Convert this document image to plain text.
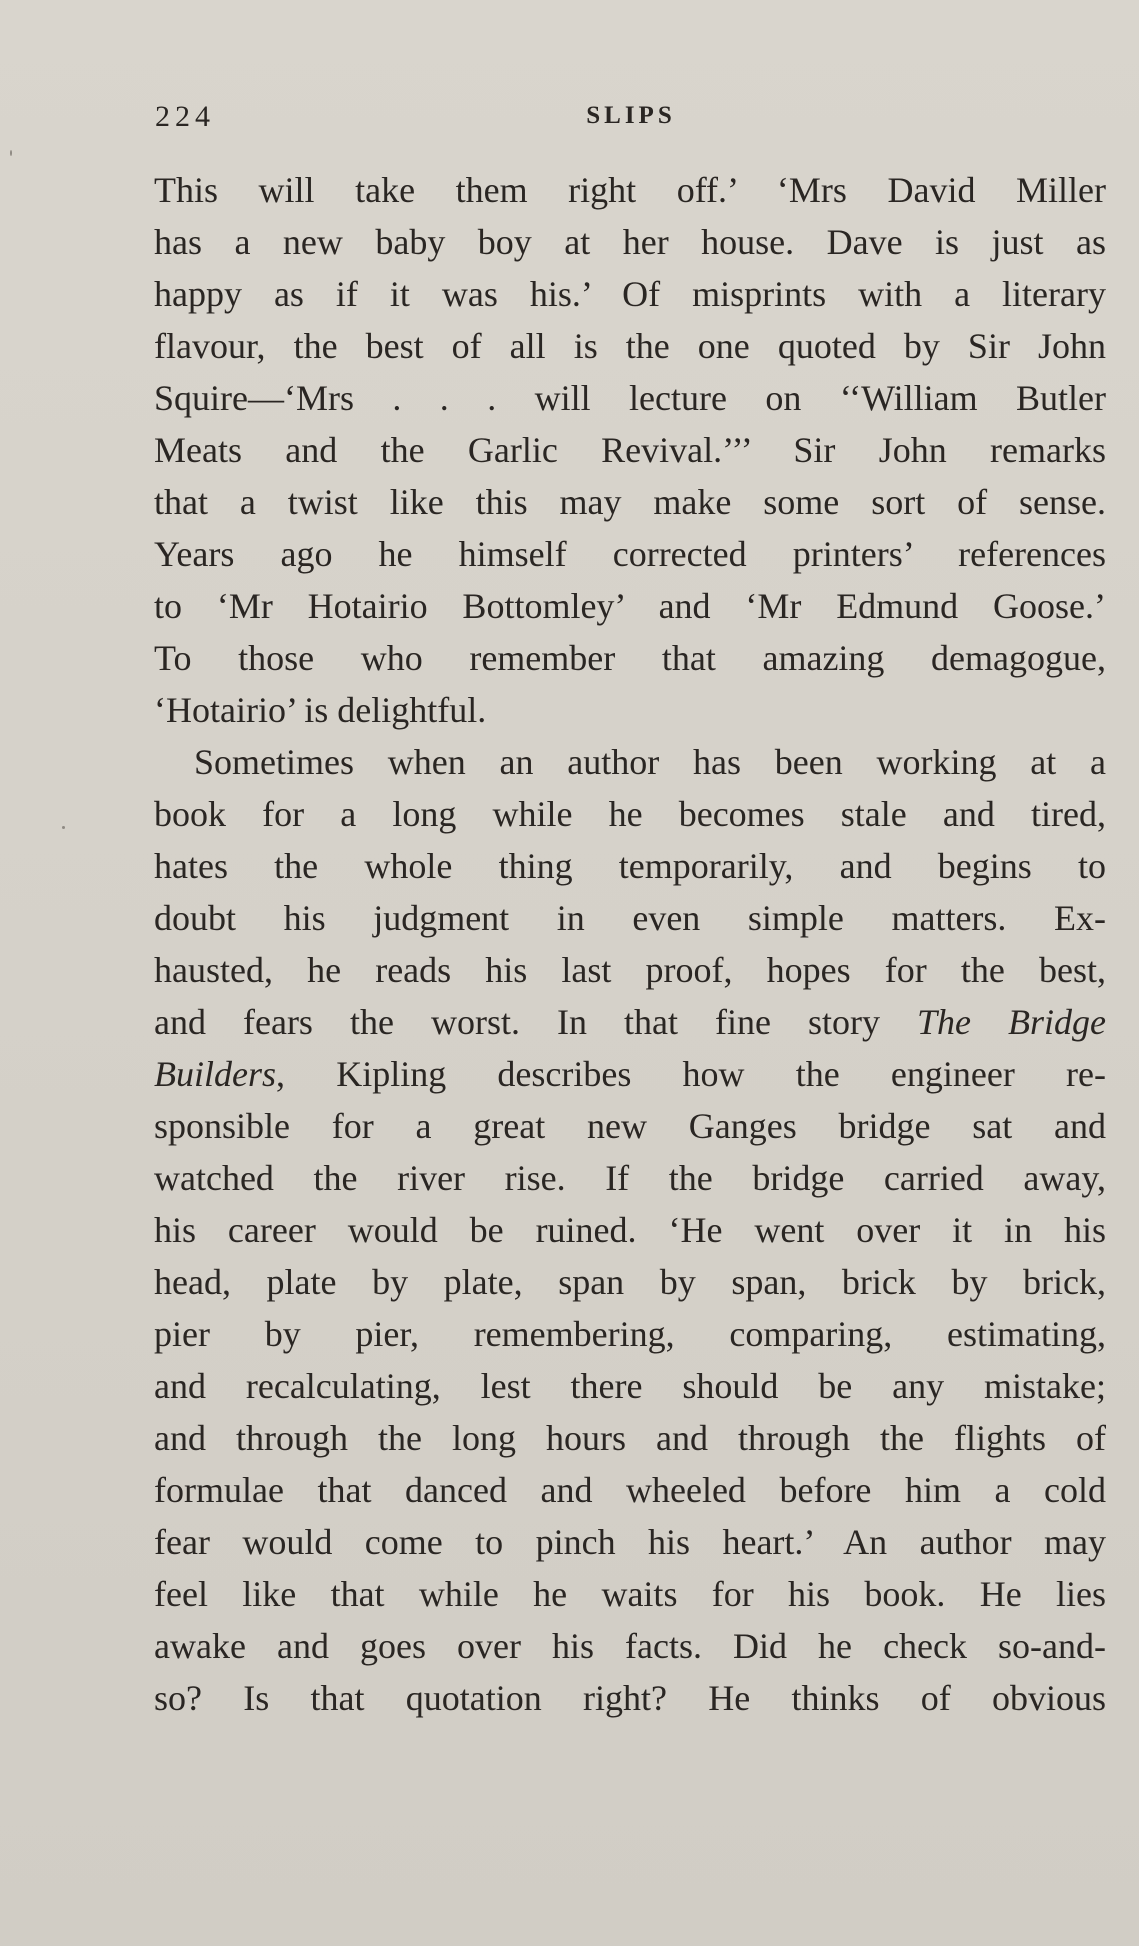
224	SLIPS
This will take them right off.’ ‘Mrs David Miller
has a new baby boy at her house. Dave is just as
happy as if it was his.’ Of misprints with a literary
flavour, the best of all is the one quoted by Sir John
Squire—‘Mrs . . . will lecture on ‘‘William Butler
Meats and the Garlic Revival.’’’ Sir John remarks
that a twist like this may make some sort of sense.
Years ago he himself corrected printers’ references
to ‘Mr Hotairio Bottomley’ and ‘Mr Edmund Goose.’
To those who remember that amazing demagogue,
‘Hotairio’ is delightful.
Sometimes when an author has been working at a
book for a long while he becomes stale and tired,
hates the whole thing temporarily, and begins to
doubt his judgment in even simple matters. Ex-
hausted, he reads his last proof, hopes for the best,
and fears the worst. In that fine story The Bridge
Builders, Kipling describes how the engineer re-
sponsible for a great new Ganges bridge sat and
watched the river rise. If the bridge carried away,
his career would be ruined. ‘He went over it in his
head, plate by plate, span by span, brick by brick,
pier by pier, remembering, comparing, estimating,
and recalculating, lest there should be any mistake;
and through the long hours and through the flights of
formulae that danced and wheeled before him a cold
fear would come to pinch his heart.’ An author may
feel like that while he waits for his book. He lies
awake and goes over his facts. Did he check so-and-
so? Is that quotation right? He thinks of obvious
